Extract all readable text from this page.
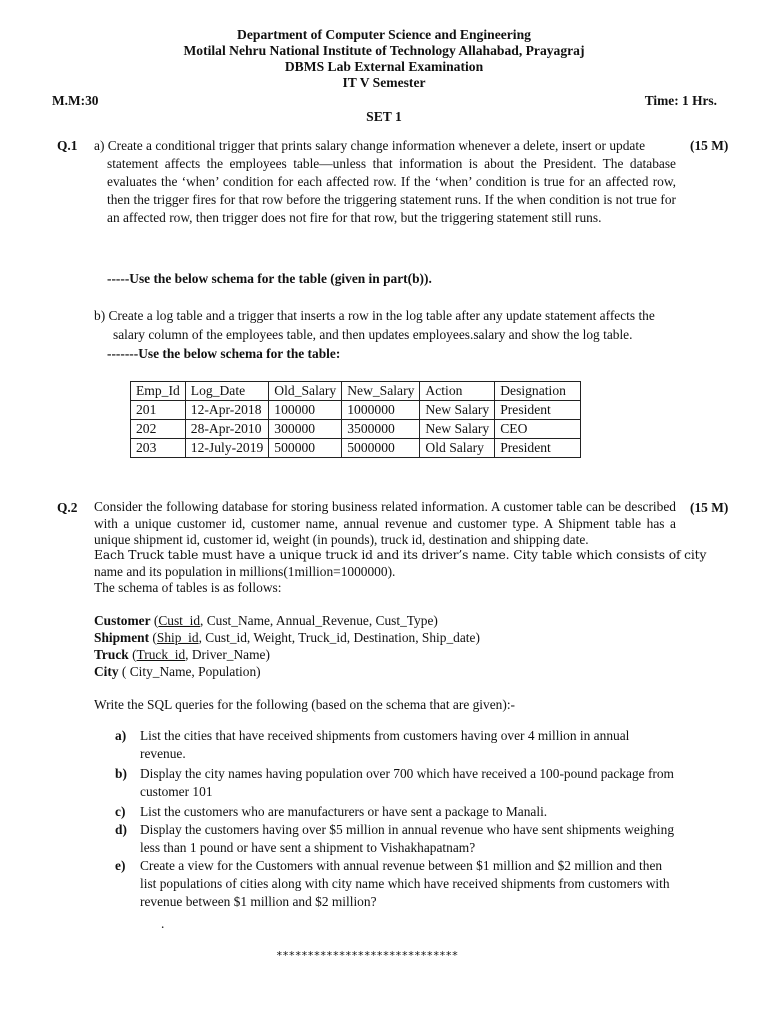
Department of Computer Science and Engineering
Motilal Nehru National Institute of Technology Allahabad, Prayagraj
DBMS Lab External Examination
IT V Semester
M.M:30	Time: 1 Hrs.
SET 1
Q.1	(15 M)
a) Create a conditional trigger that prints salary change information whenever a delete, insert or update
statement affects the employees table—unless that information is about the President. The database evaluates the ‘when’ condition for each affected row. If the ‘when’ condition is true for an affected row, then the trigger fires for that row before the triggering statement runs. If the when condition is not true for an affected row, then trigger does not fire for that row, but the triggering statement still runs.
-----Use the below schema for the table (given in part(b)).
b) Create a log table and a trigger that inserts a row in the log table after any update statement affects the
salary column of the employees table, and then updates employees.salary and show the log table.
-------Use the below schema for the table:
Emp_Id	Log_Date	Old_Salary	New_Salary	Action	Designation
201	12-Apr-2018	100000	1000000	New Salary	President
202	28-Apr-2010	300000	3500000	New Salary	CEO
203	12-July-2019	500000	5000000	Old Salary	President
Q.2	(15 M)
Consider the following database for storing business related information. A customer table can be described with a unique customer id, customer name, annual revenue and customer type. A Shipment table has a unique shipment id, customer id, weight (in pounds), truck id, destination and shipping date.
Each Truck table must have a unique truck id and its driver’s name. City table which consists of city
name and its population in millions(1million=1000000).
The schema of tables is as follows:
Customer (Cust_id, Cust_Name, Annual_Revenue, Cust_Type)
Shipment (Ship_id, Cust_id, Weight, Truck_id, Destination, Ship_date)
Truck (Truck_id, Driver_Name)
City ( City_Name, Population)
Write the SQL queries for the following (based on the schema that are given):-
a) List the cities that have received shipments from customers having over 4 million in annual revenue.
b) Display the city names having population over 700 which have received a 100-pound package from customer 101
c) List the customers who are manufacturers or have sent a package to Manali.
d) Display the customers having over $5 million in annual revenue who have sent shipments weighing less than 1 pound or have sent a shipment to Vishakhapatnam?
e) Create a view for the Customers with annual revenue between $1 million and $2 million and then list populations of cities along with city name which have received shipments from customers with revenue between $1 million and $2 million?
.
*****************************
